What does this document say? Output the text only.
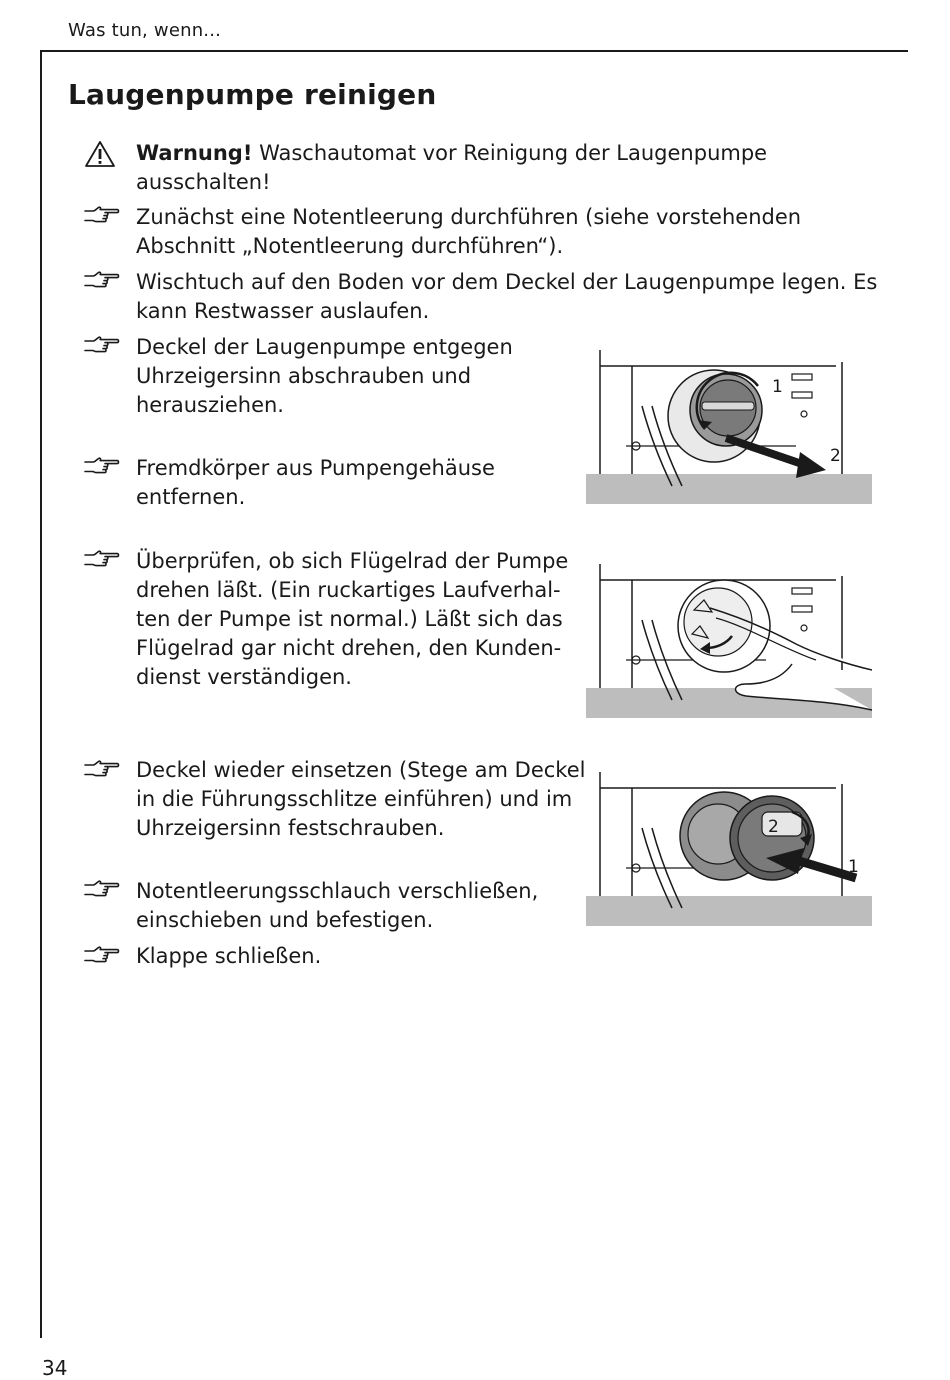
Was tun, wenn...
Laugenpumpe reinigen
Warnung! Waschautomat vor Reinigung der Laugenpumpe
ausschalten!
Zunächst eine Notentleerung durchführen (siehe vorstehenden
Abschnitt „Notentleerung durchführen“).
Wischtuch auf den Boden vor dem Deckel der Laugenpumpe legen. Es
kann Restwasser auslaufen.
Deckel der Laugenpumpe entgegen
Uhrzeigersinn abschrauben und
herausziehen.
Fremdkörper aus Pumpengehäuse
entfernen.
Überprüfen, ob sich Flügelrad der Pumpe
drehen läßt. (Ein ruckartiges Laufverhal-
ten der Pumpe ist normal.) Läßt sich das
Flügelrad gar nicht drehen, den Kunden-
dienst verständigen.
Deckel wieder einsetzen (Stege am Deckel
in die Führungsschlitze einführen) und im
Uhrzeigersinn festschrauben.
Notentleerungsschlauch verschließen,
einschieben und befestigen.
Klappe schließen.
1
2
2
1
34
